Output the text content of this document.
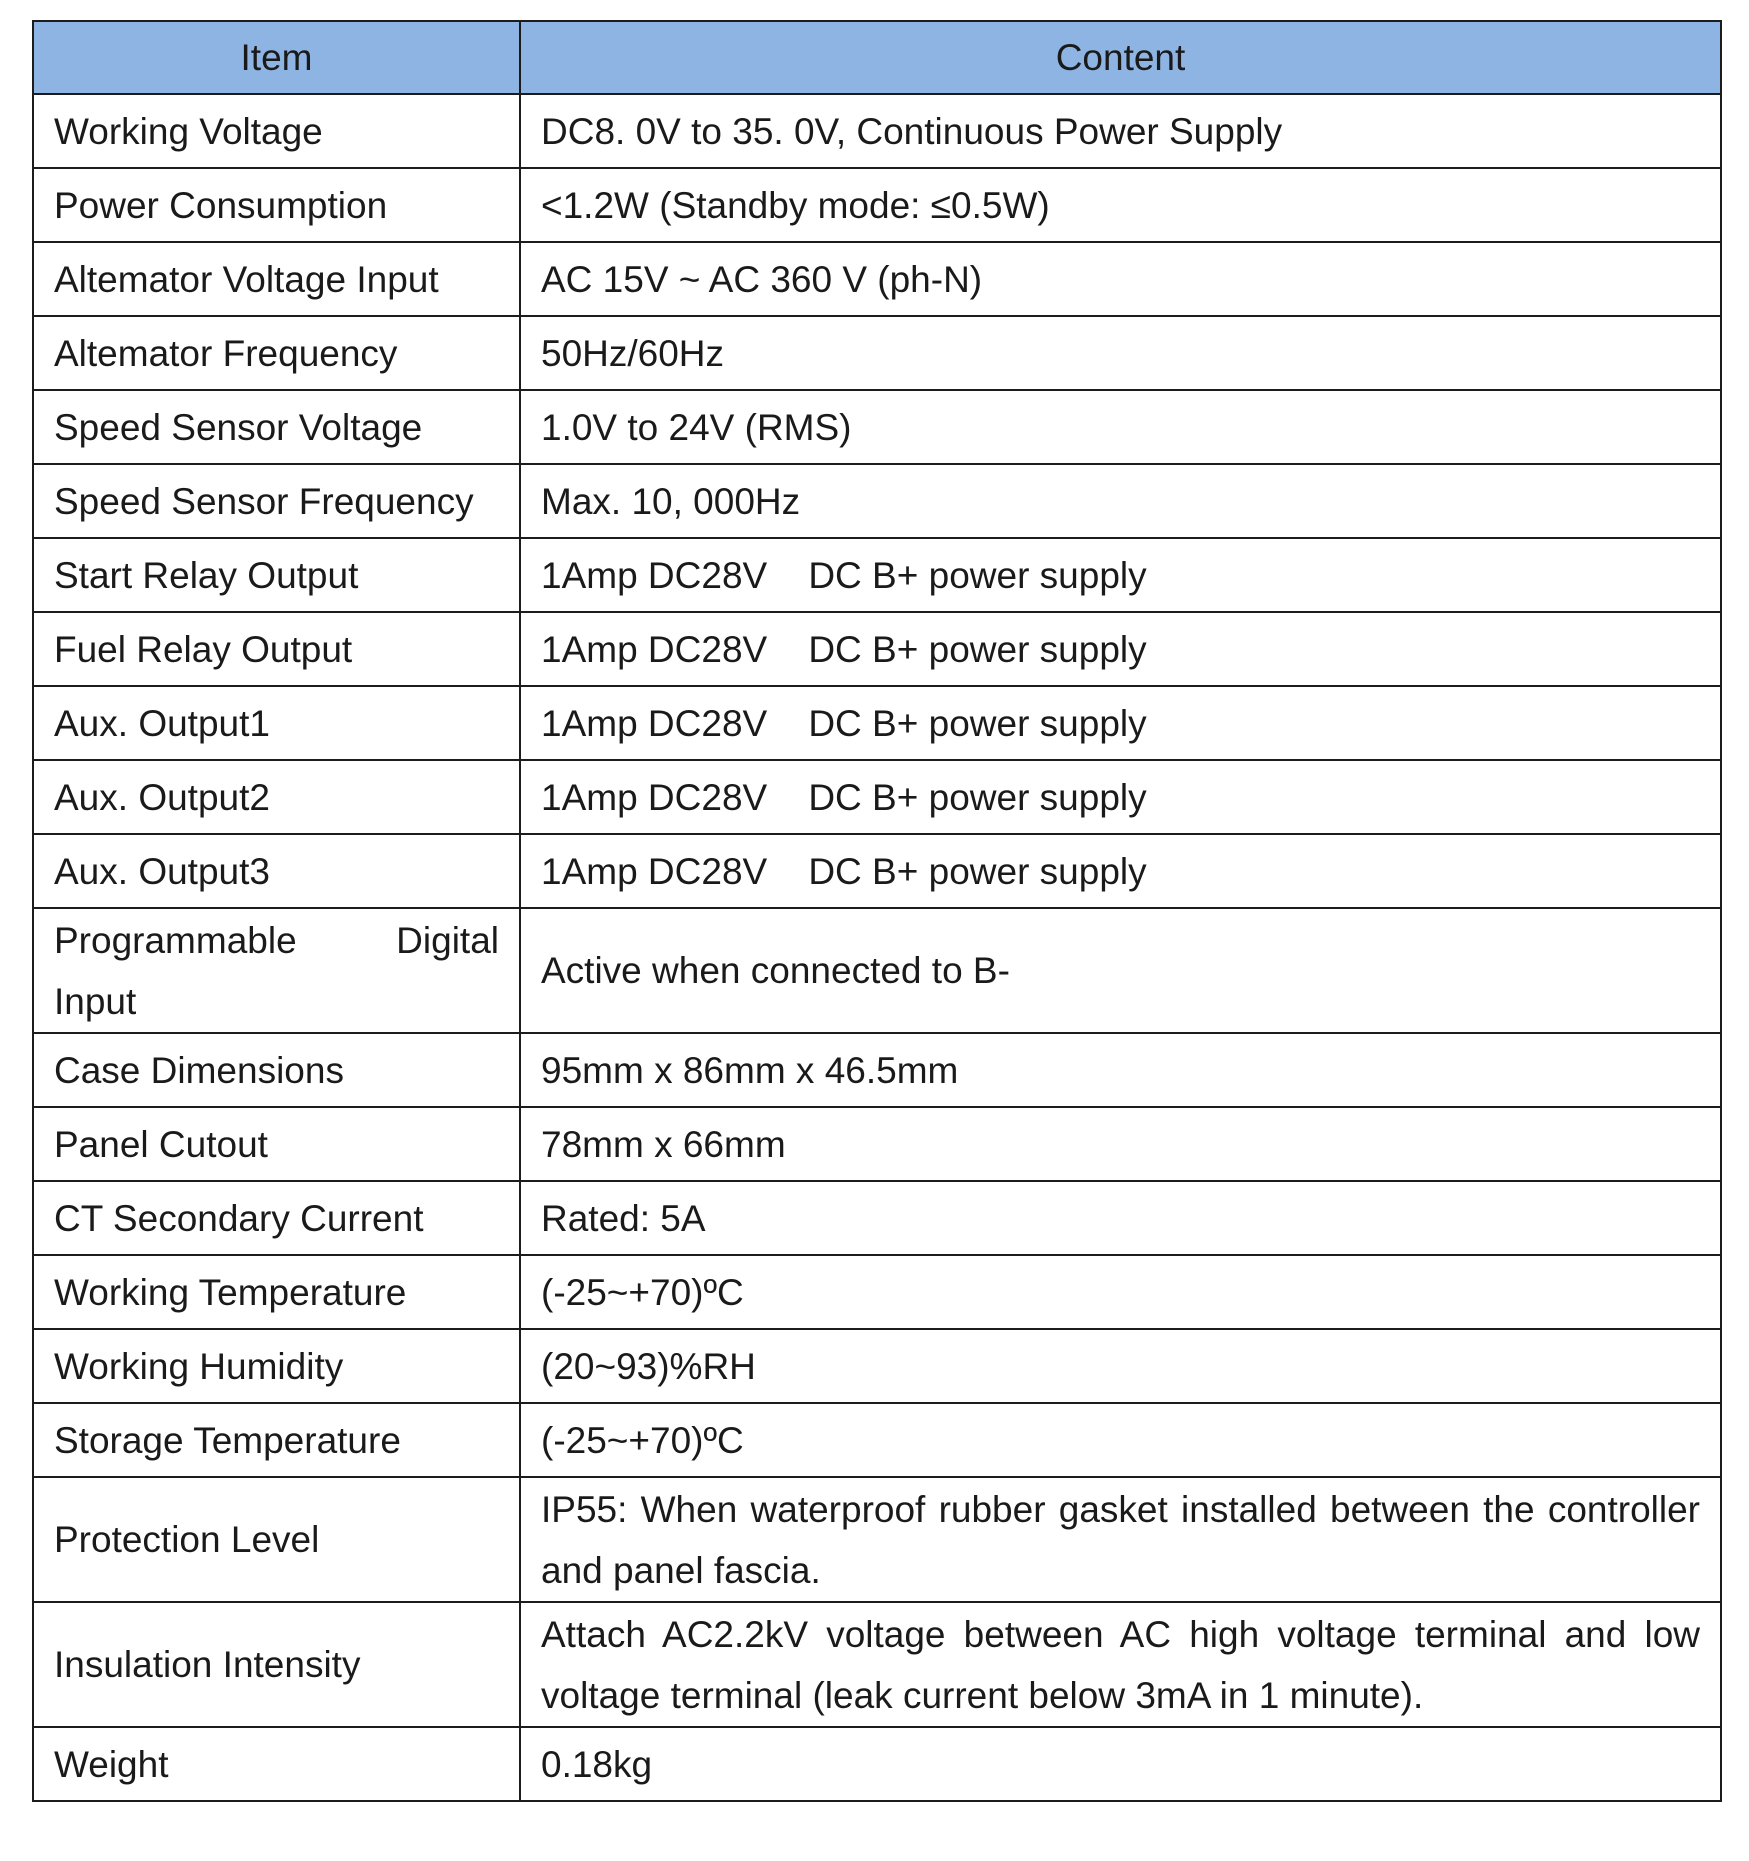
Item	Content
Working Voltage	DC8. 0V to 35. 0V, Continuous Power Supply
Power Consumption	<1.2W (Standby mode: ≤0.5W)
Altemator Voltage Input	AC 15V ~ AC 360 V (ph-N)
Altemator Frequency	50Hz/60Hz
Speed Sensor Voltage	1.0V to 24V (RMS)
Speed Sensor Frequency	Max. 10, 000Hz
Start Relay Output	1Amp DC28V    DC B+ power supply
Fuel Relay Output	1Amp DC28V    DC B+ power supply
Aux. Output1	1Amp DC28V    DC B+ power supply
Aux. Output2	1Amp DC28V    DC B+ power supply
Aux. Output3	1Amp DC28V    DC B+ power supply
Programmable Digital Input	Active when connected to B-
Case Dimensions	95mm x 86mm x 46.5mm
Panel Cutout	78mm x 66mm
CT Secondary Current	Rated: 5A
Working Temperature	(-25~+70)ºC
Working Humidity	(20~93)%RH
Storage Temperature	(-25~+70)ºC
Protection Level	IP55: When waterproof rubber gasket installed between the controller and panel fascia.
Insulation Intensity	Attach AC2.2kV voltage between AC high voltage terminal and low voltage terminal (leak current below 3mA in 1 minute).
Weight	0.18kg
